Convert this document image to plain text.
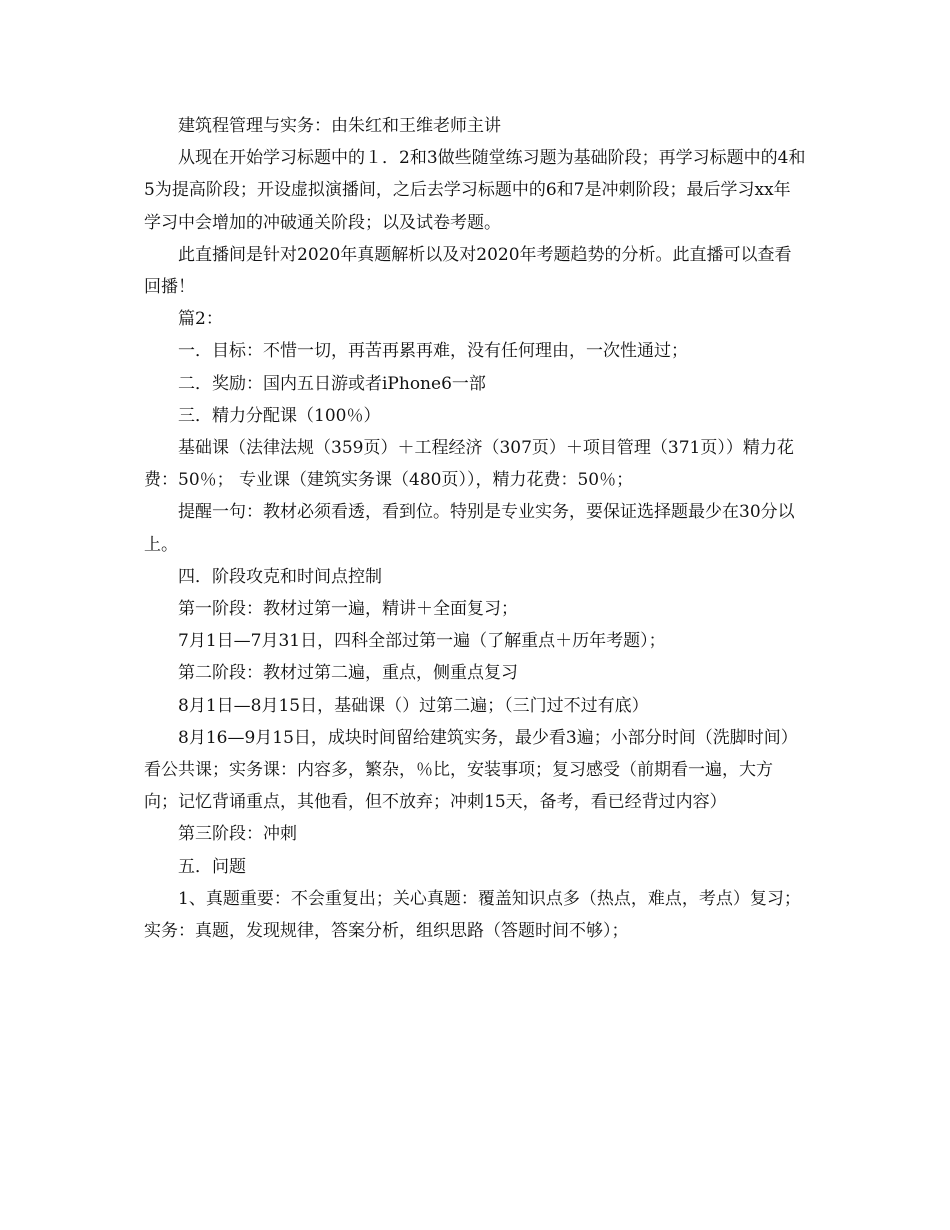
建筑程管理与实务：由朱红和王维老师主讲

从现在开始学习标题中的１．2和3做些随堂练习题为基础阶段；再学习标题中的4和5为提高阶段；开设虚拟演播间，之后去学习标题中的6和7是冲刺阶段；最后学习xx年学习中会增加的冲破通关阶段；以及试卷考题。

此直播间是针对2020年真题解析以及对2020年考题趋势的分析。此直播可以查看回播！

篇2：

一．目标：不惜一切，再苦再累再难，没有任何理由，一次性通过；

二．奖励：国内五日游或者iPhone6一部

三．精力分配课（100％）

基础课（法律法规（359页）＋工程经济（307页）＋项目管理（371页））精力花费：50％； 专业课（建筑实务课（480页）），精力花费：50％；

提醒一句：教材必须看透，看到位。特别是专业实务，要保证选择题最少在30分以上。

四．阶段攻克和时间点控制

第一阶段：教材过第一遍，精讲＋全面复习；

7月1日—7月31日，四科全部过第一遍（了解重点＋历年考题）；

第二阶段：教材过第二遍，重点，侧重点复习

8月1日—8月15日，基础课（）过第二遍；（三门过不过有底）

8月16—9月15日，成块时间留给建筑实务，最少看3遍；小部分时间（洗脚时间）看公共课；实务课：内容多，繁杂，％比，安装事项；复习感受（前期看一遍，大方向；记忆背诵重点，其他看，但不放弃；冲刺15天，备考，看已经背过内容）

第三阶段：冲刺

五．问题

1、真题重要：不会重复出；关心真题：覆盖知识点多（热点，难点，考点）复习；实务：真题，发现规律，答案分析，组织思路（答题时间不够）；
